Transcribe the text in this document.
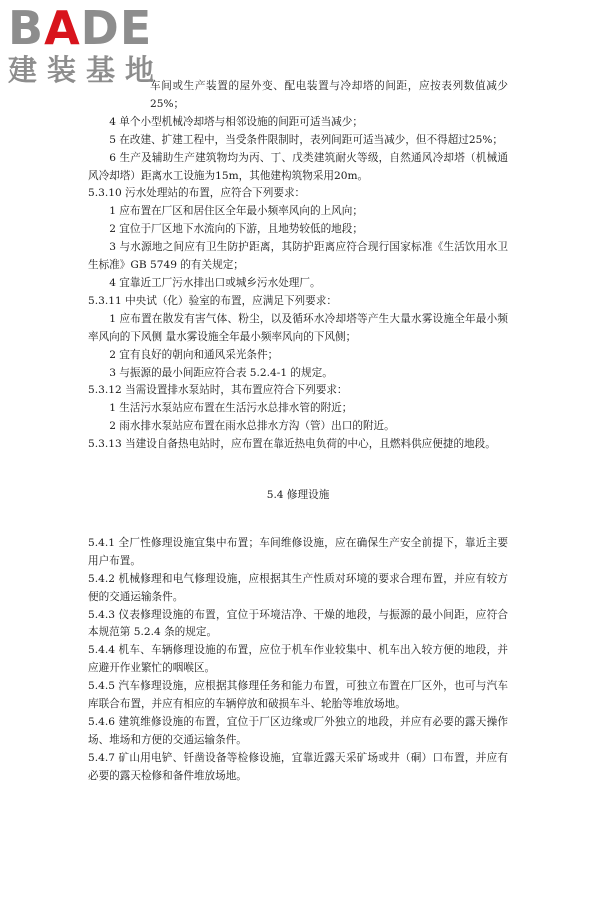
BADE
建装基地

车间或生产装置的屋外变、配电装置与冷却塔的间距，应按表列数值减少25%；

4 单个小型机械冷却塔与相邻设施的间距可适当减少；

5 在改建、扩建工程中，当受条件限制时，表列间距可适当减少，但不得超过25%；

6 生产及辅助生产建筑物均为丙、丁、戊类建筑耐火等级，自然通风冷却塔（机械通风冷却塔）距离水工设施为15m，其他建构筑物采用20m。

5.3.10 污水处理站的布置，应符合下列要求：

1 应布置在厂区和居住区全年最小频率风向的上风向；

2 宜位于厂区地下水流向的下游，且地势较低的地段；

3 与水源地之间应有卫生防护距离，其防护距离应符合现行国家标准《生活饮用水卫生标准》GB 5749 的有关规定；

4 宜靠近工厂污水排出口或城乡污水处理厂。

5.3.11 中央试（化）验室的布置，应满足下列要求：

1 应布置在散发有害气体、粉尘，以及循环水冷却塔等产生大量水雾设施全年最小频率风向的下风侧 量水雾设施全年最小频率风向的下风侧；

2 宜有良好的朝向和通风采光条件；

3 与振源的最小间距应符合表 5.2.4-1 的规定。

5.3.12 当需设置排水泵站时，其布置应符合下列要求：

1 生活污水泵站应布置在生活污水总排水管的附近；

2 雨水排水泵站应布置在雨水总排水方沟（管）出口的附近。

5.3.13 当建设自备热电站时，应布置在靠近热电负荷的中心，且燃料供应便捷的地段。

5.4 修理设施

5.4.1 全厂性修理设施宜集中布置；车间维修设施，应在确保生产安全前提下，靠近主要用户布置。

5.4.2 机械修理和电气修理设施，应根据其生产性质对环境的要求合理布置，并应有较方便的交通运输条件。

5.4.3 仪表修理设施的布置，宜位于环境洁净、干燥的地段，与振源的最小间距，应符合本规范第 5.2.4 条的规定。

5.4.4 机车、车辆修理设施的布置，应位于机车作业较集中、机车出入较方便的地段，并应避开作业繁忙的咽喉区。

5.4.5 汽车修理设施，应根据其修理任务和能力布置，可独立布置在厂区外，也可与汽车库联合布置，并应有相应的车辆停放和破损车斗、轮胎等堆放场地。

5.4.6 建筑维修设施的布置，宜位于厂区边缘或厂外独立的地段，并应有必要的露天操作场、堆场和方便的交通运输条件。

5.4.7 矿山用电铲、钎凿设备等检修设施，宜靠近露天采矿场或井（硐）口布置，并应有必要的露天检修和备件堆放场地。
